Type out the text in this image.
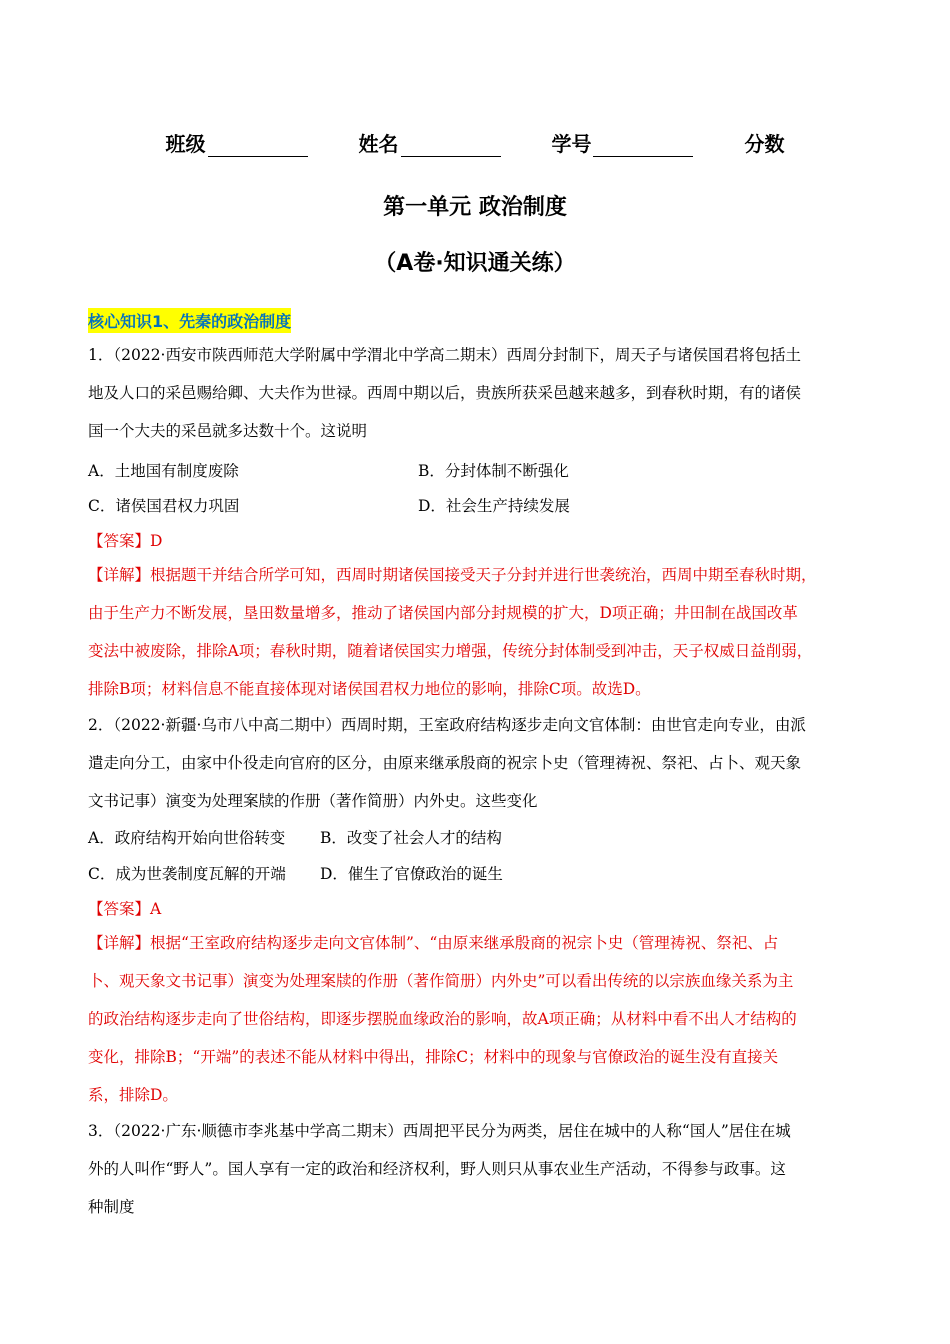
班级	姓名	学号	分数
第一单元 政治制度
（A卷·知识通关练）
核心知识1、先秦的政治制度
1．（2022·西安市陕西师范大学附属中学渭北中学高二期末）西周分封制下，周天子与诸侯国君将包括土
地及人口的采邑赐给卿、大夫作为世禄。西周中期以后，贵族所获采邑越来越多，到春秋时期，有的诸侯
国一个大夫的采邑就多达数十个。这说明
A．土地国有制度废除	B．分封体制不断强化
C．诸侯国君权力巩固	D．社会生产持续发展
【答案】D
【详解】根据题干并结合所学可知，西周时期诸侯国接受天子分封并进行世袭统治，西周中期至春秋时期，
由于生产力不断发展，垦田数量增多，推动了诸侯国内部分封规模的扩大，D项正确；井田制在战国改革
变法中被废除，排除A项；春秋时期，随着诸侯国实力增强，传统分封体制受到冲击，天子权威日益削弱，
排除B项；材料信息不能直接体现对诸侯国君权力地位的影响，排除C项。故选D。
2．（2022·新疆·乌市八中高二期中）西周时期，王室政府结构逐步走向文官体制：由世官走向专业，由派
遣走向分工，由家中仆役走向官府的区分，由原来继承殷商的祝宗卜史（管理祷祝、祭祀、占卜、观天象
文书记事）演变为处理案牍的作册（著作简册）内外史。这些变化
A．政府结构开始向世俗转变 B．改变了社会人才的结构
C．成为世袭制度瓦解的开端 D．催生了官僚政治的诞生
【答案】A
【详解】根据“王室政府结构逐步走向文官体制”、“由原来继承殷商的祝宗卜史（管理祷祝、祭祀、占
卜、观天象文书记事）演变为处理案牍的作册（著作简册）内外史”可以看出传统的以宗族血缘关系为主
的政治结构逐步走向了世俗结构，即逐步摆脱血缘政治的影响，故A项正确；从材料中看不出人才结构的
变化，排除B；“开端”的表述不能从材料中得出，排除C；材料中的现象与官僚政治的诞生没有直接关
系，排除D。
3．（2022·广东·顺德市李兆基中学高二期末）西周把平民分为两类，居住在城中的人称“国人”居住在城
外的人叫作“野人”。国人享有一定的政治和经济权利，野人则只从事农业生产活动，不得参与政事。这
种制度
